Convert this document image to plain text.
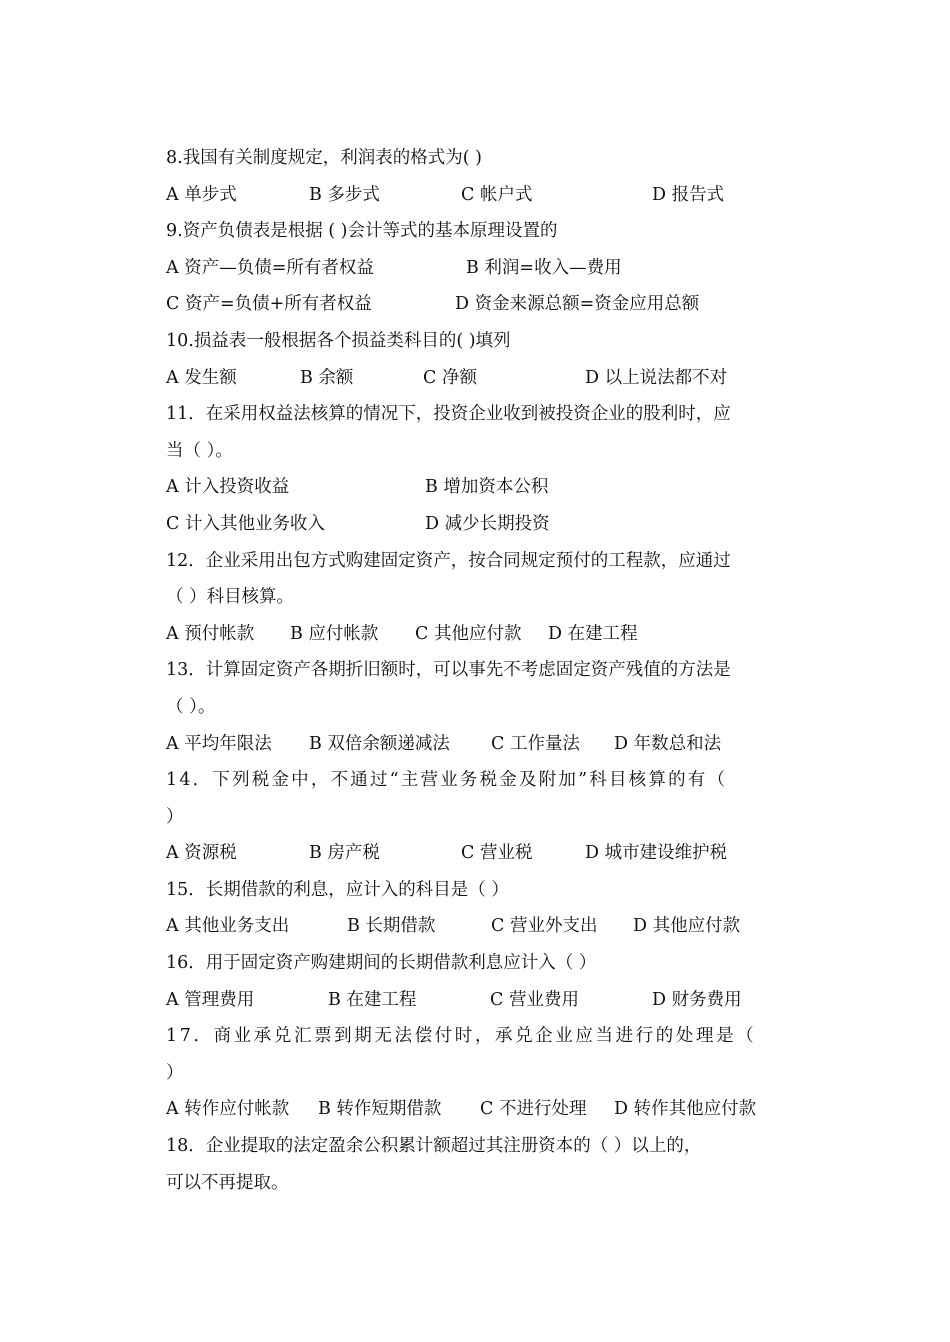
8.我国有关制度规定，利润表的格式为( )
A 单步式	B 多步式	C 帐户式	D 报告式
9.资产负债表是根据 ( )会计等式的基本原理设置的
A 资产—负债=所有者权益	B 利润=收入—费用
C 资产=负债+所有者权益	D 资金来源总额=资金应用总额
10.损益表一般根据各个损益类科目的( )填列
A 发生额	B 余额	C 净额	D 以上说法都不对
11．在采用权益法核算的情况下，投资企业收到被投资企业的股利时，应
当（ ）。
A 计入投资收益	B 增加资本公积
C 计入其他业务收入	D 减少长期投资
12．企业采用出包方式购建固定资产，按合同规定预付的工程款，应通过
（ ）科目核算。
A 预付帐款 B 应付帐款 C 其他应付款 D 在建工程
13．计算固定资产各期折旧额时，可以事先不考虑固定资产残值的方法是
（ ）。
A 平均年限法 B 双倍余额递减法 C 工作量法 D 年数总和法
14．下列税金中，不通过“主营业务税金及附加”科目核算的有（
）
A 资源税	B 房产税	C 营业税	D 城市建设维护税
15．长期借款的利息，应计入的科目是（ ）
A 其他业务支出	B 长期借款	C 营业外支出 D 其他应付款
16．用于固定资产购建期间的长期借款利息应计入（ ）
A 管理费用	B 在建工程	C 营业费用	D 财务费用
17．商业承兑汇票到期无法偿付时，承兑企业应当进行的处理是（
）
A 转作应付帐款 B 转作短期借款 C 不进行处理 D 转作其他应付款
18．企业提取的法定盈余公积累计额超过其注册资本的（ ）以上的，
可以不再提取。
